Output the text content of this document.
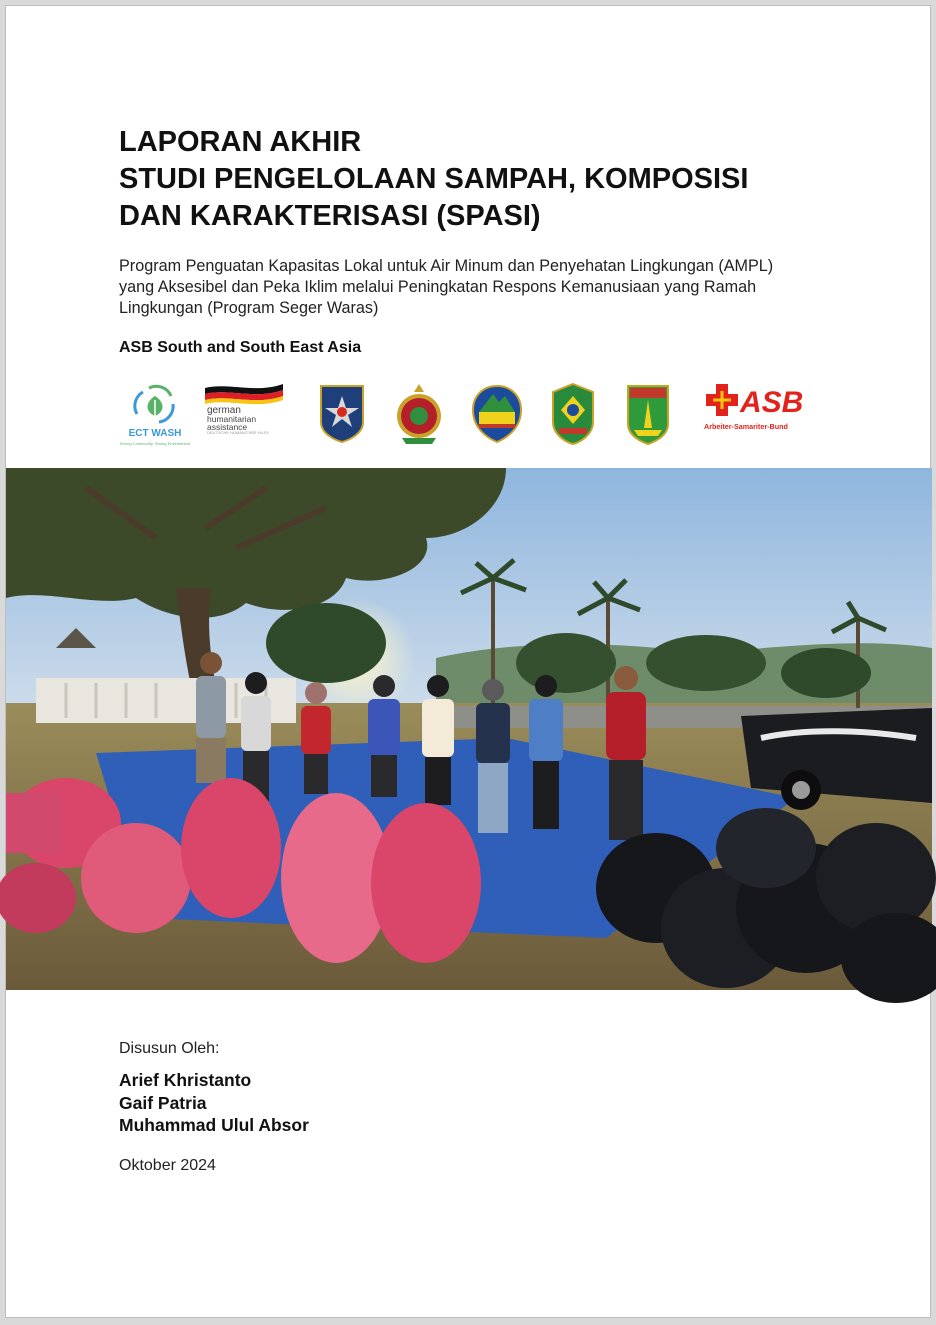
LAPORAN AKHIR
STUDI PENGELOLAAN SAMPAH, KOMPOSISI
DAN KARAKTERISASI (SPASI)
Program Penguatan Kapasitas Lokal untuk Air Minum dan Penyehatan Lingkungan (AMPL)
yang Aksesibel dan Peka Iklim melalui Peningkatan Respons Kemanusiaan yang Ramah
Lingkungan (Program Seger Waras)
ASB South and South East Asia
ECT WASH
Strong Community, Strong Environment
german
humanitarian
assistance
DEUTSCHE HUMANITÄRE HILFE
ASB
Arbeiter-Samariter-Bund
Disusun Oleh:
Arief Khristanto
Gaif Patria
Muhammad Ulul Absor
Oktober 2024
